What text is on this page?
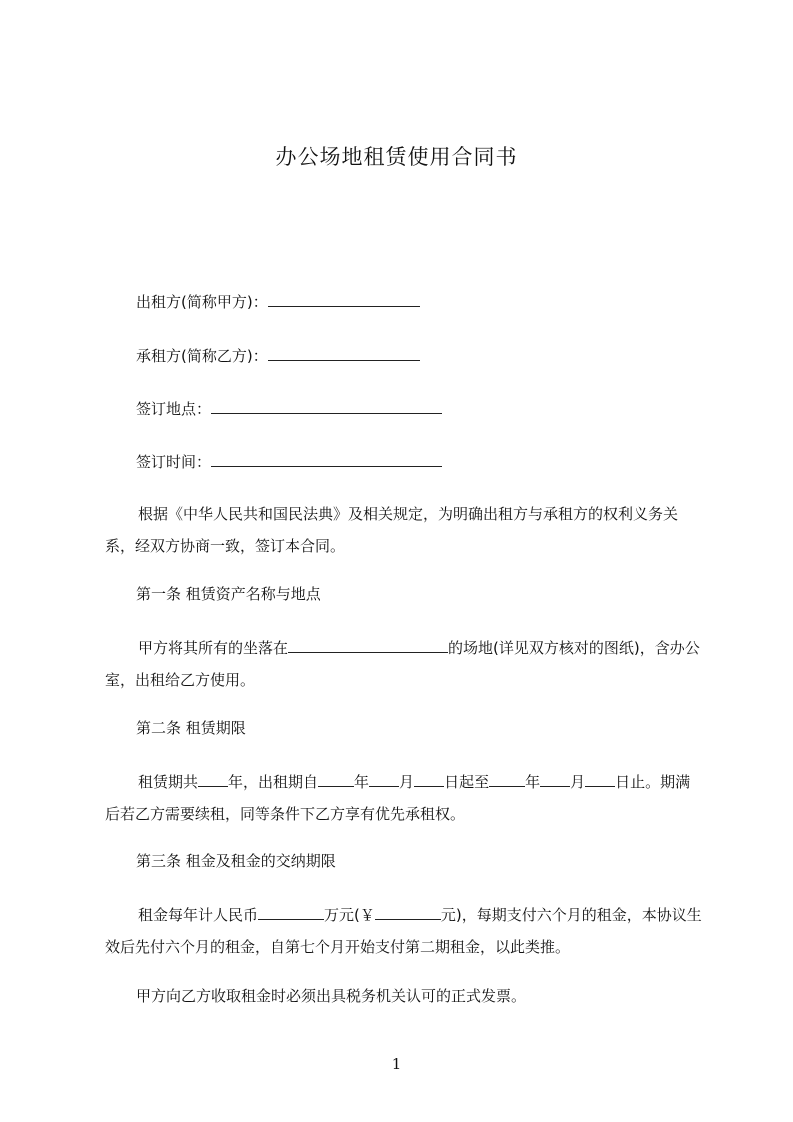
办公场地租赁使用合同书
出租方(简称甲方)：
承租方(简称乙方)：
签订地点：
签订时间：
根据《中华人民共和国民法典》及相关规定，为明确出租方与承租方的权利义务关系，经双方协商一致，签订本合同。
第一条 租赁资产名称与地点
甲方将其所有的坐落在	的场地(详见双方核对的图纸)，含办公室，出租给乙方使用。
第二条 租赁期限
租赁期共 年，出租期自 年 月 日起至 年 月 日止。期满后若乙方需要续租，同等条件下乙方享有优先承租权。
第三条 租金及租金的交纳期限
租金每年计人民币	万元(￥	元)，每期支付六个月的租金，本协议生效后先付六个月的租金，自第七个月开始支付第二期租金，以此类推。
甲方向乙方收取租金时必须出具税务机关认可的正式发票。
1
